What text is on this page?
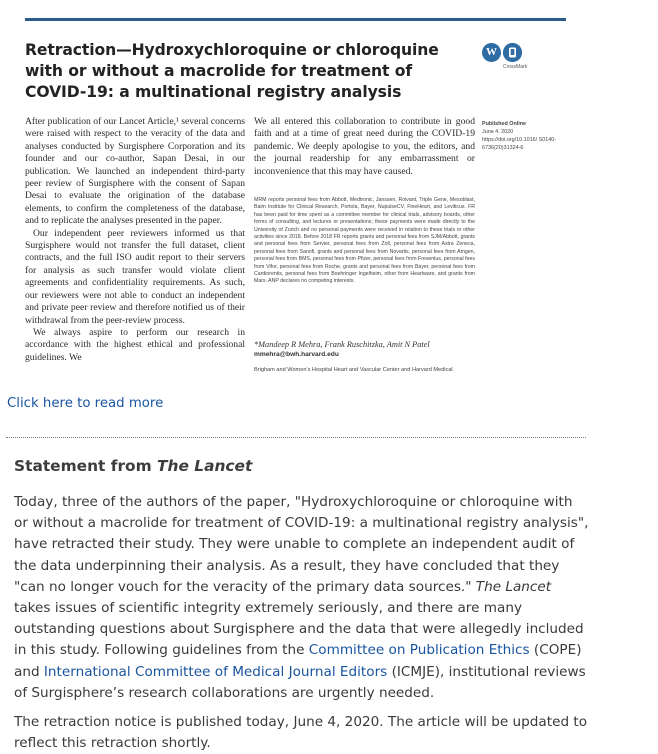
Retraction—Hydroxychloroquine or chloroquine with or without a macrolide for treatment of COVID-19: a multinational registry analysis
W
CrossMark

After publication of our Lancet Article,¹ several concerns were raised with respect to the veracity of the data and analyses conducted by Surgisphere Corporation and its founder and our co-author, Sapan Desai, in our publication. We launched an independent third-party peer review of Surgisphere with the consent of Sapan Desai to evaluate the origination of the database elements, to confirm the completeness of the database, and to replicate the analyses presented in the paper.

Our independent peer reviewers informed us that Surgisphere would not transfer the full dataset, client contracts, and the full ISO audit report to their servers for analysis as such transfer would violate client agreements and confidentiality requirements. As such, our reviewers were not able to conduct an independent and private peer review and therefore notified us of their withdrawal from the peer-review process.

We always aspire to perform our research in accordance with the highest ethical and professional guidelines. We

We all entered this collaboration to contribute in good faith and at a time of great need during the COVID-19 pandemic. We deeply apologise to you, the editors, and the journal readership for any embarrassment or inconvenience that this may have caused.

MRM reports personal fees from Abbott, Medtronic, Janssen, Roivant, Triple Gene, Mesoblast, Baim Institute for Clinical Research, Portola, Bayer, NupulseCV, FineHeart, and Leviticus. FR has been paid for time spent as a committee member for clinical trials, advisory boards, other forms of consulting, and lectures or presentations; these payments were made directly to the University of Zurich and no personal payments were received in relation to these trials or other activities since 2018. Before 2018 FR reports grants and personal fees from SJM/Abbott, grants and personal fees from Servier, personal fees from Zoll, personal fees from Astra Zeneca, personal fees from Sanofi, grants and personal fees from Novartis, personal fees from Amgen, personal fees from BMS, personal fees from Pfizer, personal fees from Fresenius, personal fees from Vifor, personal fees from Roche, grants and personal fees from Bayer, personal fees from Cardiorentis, personal fees from Boehringer Ingelheim, other from Heartware, and grants from Mars. ANP declares no competing interests.

*Mandeep R Mehra, Frank Ruschitzka, Amit N Patel

mmehra@bwh.harvard.edu

Brigham and Women’s Hospital Heart and Vascular Center and Harvard Medical

Published Online
June 4, 2020
https://doi.org/10.1016/ S0140-6736(20)31324-6

Click here to read more
Statement from The Lancet

Today, three of the authors of the paper, "Hydroxychloroquine or chloroquine with or without a macrolide for treatment of COVID-19: a multinational registry analysis", have retracted their study. They were unable to complete an independent audit of the data underpinning their analysis. As a result, they have concluded that they "can no longer vouch for the veracity of the primary data sources." The Lancet takes issues of scientific integrity extremely seriously, and there are many outstanding questions about Surgisphere and the data that were allegedly included in this study. Following guidelines from the Committee on Publication Ethics (COPE) and International Committee of Medical Journal Editors (ICMJE), institutional reviews of Surgisphere’s research collaborations are urgently needed.

The retraction notice is published today, June 4, 2020. The article will be updated to reflect this retraction shortly.
